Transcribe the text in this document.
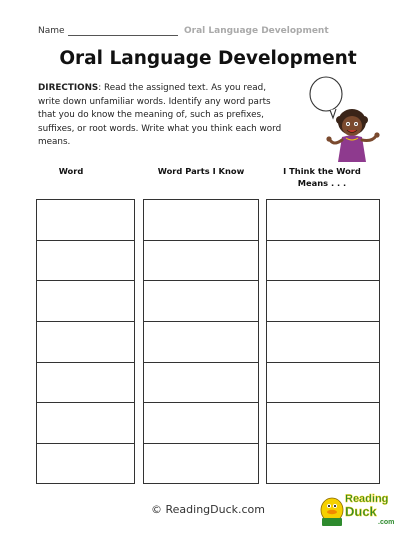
Name	Oral Language Development
Oral Language Development
DIRECTIONS: Read the assigned text. As you read, write down unfamiliar words. Identify any word parts that you do know the meaning of, such as prefixes, suffixes, or root words. Write what you think each word means.
Word	Word Parts I Know	I Think the Word
Means . . .
© ReadingDuck.com
Reading
Duck
.com
